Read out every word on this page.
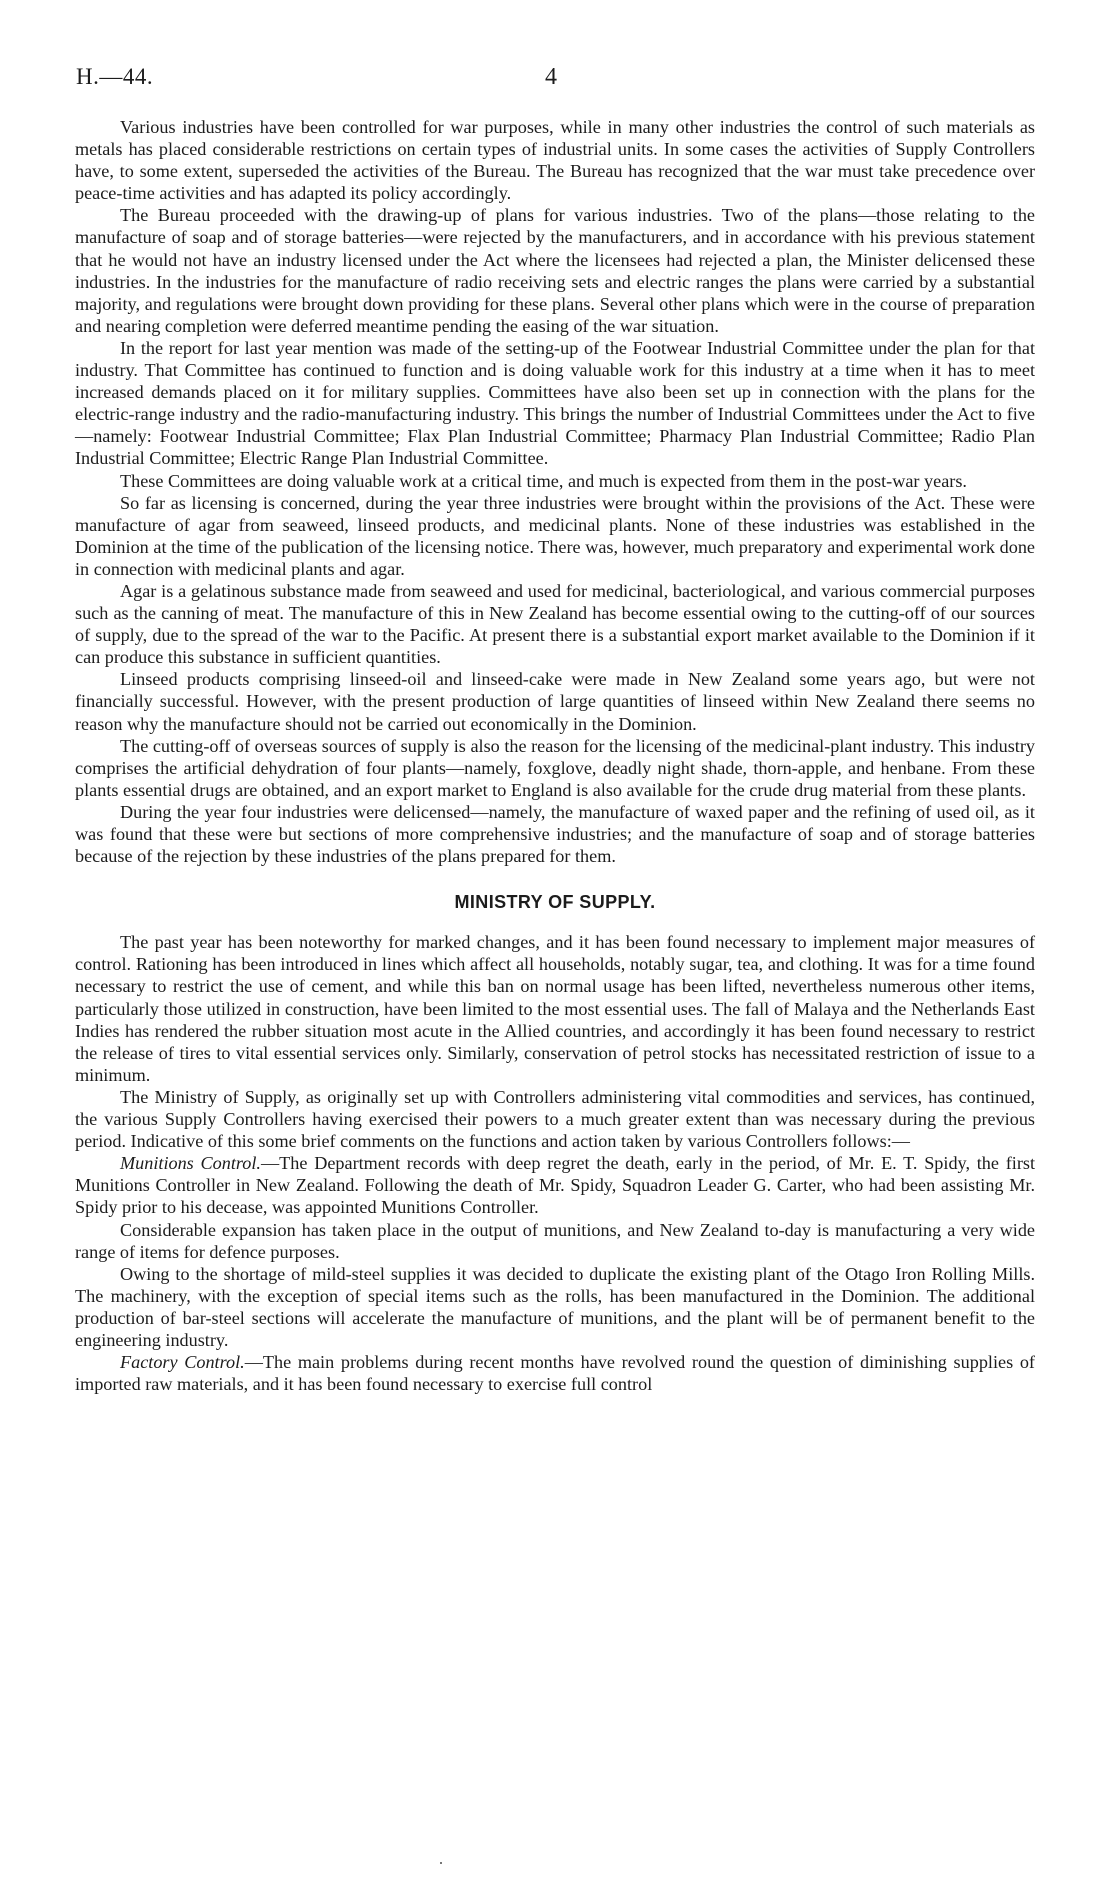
H.—44.	4

Various industries have been controlled for war purposes, while in many other industries the control of such materials as metals has placed considerable restrictions on certain types of industrial units. In some cases the activities of Supply Controllers have, to some extent, superseded the activities of the Bureau. The Bureau has recognized that the war must take precedence over peace-time activities and has adapted its policy accordingly.

The Bureau proceeded with the drawing-up of plans for various industries. Two of the plans—those relating to the manufacture of soap and of storage batteries—were rejected by the manufacturers, and in accordance with his previous statement that he would not have an industry licensed under the Act where the licensees had rejected a plan, the Minister delicensed these industries. In the industries for the manufacture of radio receiving sets and electric ranges the plans were carried by a substantial majority, and regulations were brought down providing for these plans. Several other plans which were in the course of preparation and nearing completion were deferred meantime pending the easing of the war situation.

In the report for last year mention was made of the setting-up of the Footwear Industrial Committee under the plan for that industry. That Committee has continued to function and is doing valuable work for this industry at a time when it has to meet increased demands placed on it for military supplies. Committees have also been set up in connection with the plans for the electric-range industry and the radio-manufacturing industry. This brings the number of Industrial Committees under the Act to five—namely: Footwear Industrial Committee; Flax Plan Industrial Committee; Pharmacy Plan Industrial Committee; Radio Plan Industrial Committee; Electric Range Plan Industrial Committee.

These Committees are doing valuable work at a critical time, and much is expected from them in the post-war years.

So far as licensing is concerned, during the year three industries were brought within the provisions of the Act. These were manufacture of agar from seaweed, linseed products, and medicinal plants. None of these industries was established in the Dominion at the time of the publication of the licensing notice. There was, however, much preparatory and experimental work done in connection with medicinal plants and agar.

Agar is a gelatinous substance made from seaweed and used for medicinal, bacteriological, and various commercial purposes such as the canning of meat. The manufacture of this in New Zealand has become essential owing to the cutting-off of our sources of supply, due to the spread of the war to the Pacific. At present there is a substantial export market available to the Dominion if it can produce this substance in sufficient quantities.

Linseed products comprising linseed-oil and linseed-cake were made in New Zealand some years ago, but were not financially successful. However, with the present production of large quantities of linseed within New Zealand there seems no reason why the manufacture should not be carried out economically in the Dominion.

The cutting-off of overseas sources of supply is also the reason for the licensing of the medicinal-plant industry. This industry comprises the artificial dehydration of four plants—namely, foxglove, deadly night shade, thorn-apple, and henbane. From these plants essential drugs are obtained, and an export market to England is also available for the crude drug material from these plants.

During the year four industries were delicensed—namely, the manufacture of waxed paper and the refining of used oil, as it was found that these were but sections of more comprehensive industries; and the manufacture of soap and of storage batteries because of the rejection by these industries of the plans prepared for them.

MINISTRY OF SUPPLY.

The past year has been noteworthy for marked changes, and it has been found necessary to implement major measures of control. Rationing has been introduced in lines which affect all households, notably sugar, tea, and clothing. It was for a time found necessary to restrict the use of cement, and while this ban on normal usage has been lifted, nevertheless numerous other items, particularly those utilized in construction, have been limited to the most essential uses. The fall of Malaya and the Netherlands East Indies has rendered the rubber situation most acute in the Allied countries, and accordingly it has been found necessary to restrict the release of tires to vital essential services only. Similarly, conservation of petrol stocks has necessitated restriction of issue to a minimum.

The Ministry of Supply, as originally set up with Controllers administering vital commodities and services, has continued, the various Supply Controllers having exercised their powers to a much greater extent than was necessary during the previous period. Indicative of this some brief comments on the functions and action taken by various Controllers follows:—

Munitions Control.—The Department records with deep regret the death, early in the period, of Mr. E. T. Spidy, the first Munitions Controller in New Zealand. Following the death of Mr. Spidy, Squadron Leader G. Carter, who had been assisting Mr. Spidy prior to his decease, was appointed Munitions Controller.

Considerable expansion has taken place in the output of munitions, and New Zealand to-day is manufacturing a very wide range of items for defence purposes.

Owing to the shortage of mild-steel supplies it was decided to duplicate the existing plant of the Otago Iron Rolling Mills. The machinery, with the exception of special items such as the rolls, has been manufactured in the Dominion. The additional production of bar-steel sections will accelerate the manufacture of munitions, and the plant will be of permanent benefit to the engineering industry.

Factory Control.—The main problems during recent months have revolved round the question of diminishing supplies of imported raw materials, and it has been found necessary to exercise full control
